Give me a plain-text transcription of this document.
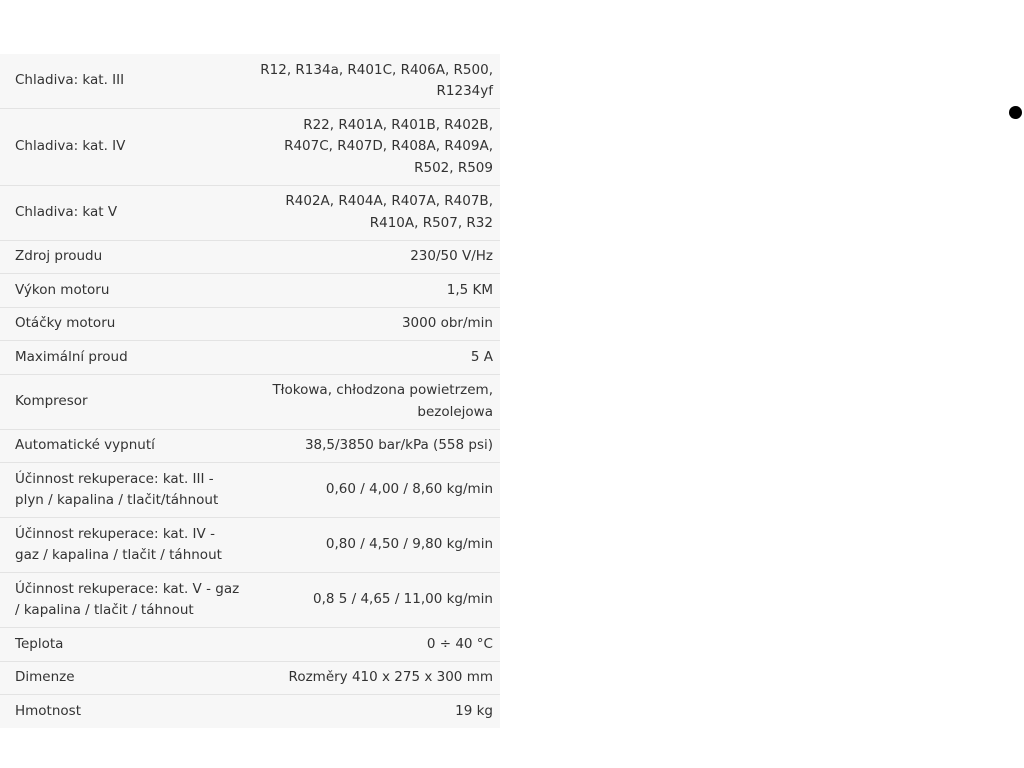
Chladiva: kat. III	R12, R134a, R401C, R406A, R500, R1234yf
Chladiva: kat. IV	R22, R401A, R401B, R402B, R407C, R407D, R408A, R409A, R502, R509
Chladiva: kat V	R402A, R404A, R407A, R407B, R410A, R507, R32
Zdroj proudu	230/50 V/Hz
Výkon motoru	1,5 KM
Otáčky motoru	3000 obr/min
Maximální proud	5 A
Kompresor	Tłokowa, chłodzona powietrzem, bezolejowa
Automatické vypnutí	38,5/3850 bar/kPa (558 psi)
Účinnost rekuperace: kat. III - plyn / kapalina / tlačit/táhnout	0,60 / 4,00 / 8,60 kg/min
Účinnost rekuperace: kat. IV - gaz / kapalina / tlačit / táhnout	0,80 / 4,50 / 9,80 kg/min
Účinnost rekuperace: kat. V - gaz / kapalina / tlačit / táhnout	0,8 5 / 4,65 / 11,00 kg/min
Teplota	0 ÷ 40 °C
Dimenze	Rozměry 410 x 275 x 300 mm
Hmotnost	19 kg
